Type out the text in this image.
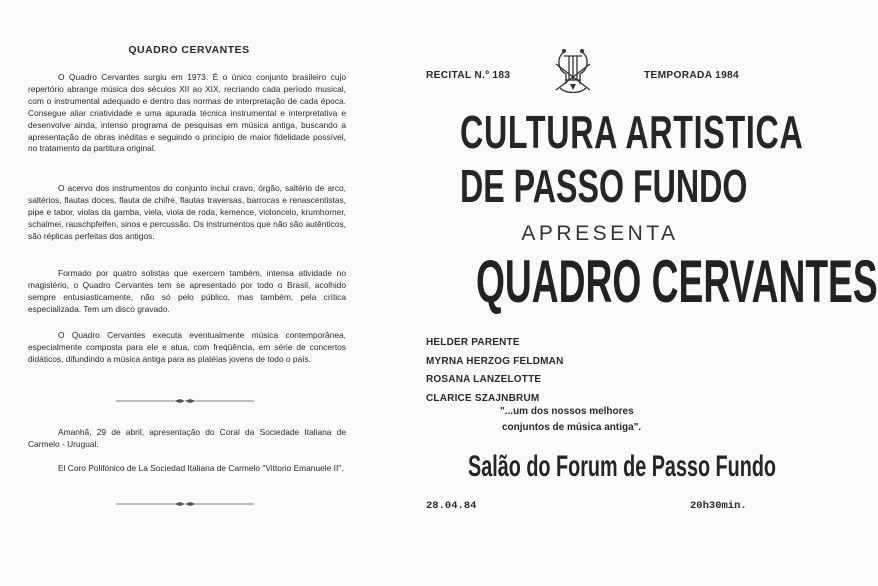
QUADRO CERVANTES

O Quadro Cervantes surgiu em 1973. É o único conjunto brasileiro cujo repertório abrange música dos séculos XII ao XIX, recriando cada período musical, com o instrumental adequado e dentro das normas de interpretação de cada época. Consegue aliar criatividade e uma apurada técnica instrumental e interpretativa e desenvolve ainda, intenso programa de pesquisas em música antiga, buscando a apresentação de obras inéditas e seguindo o princípio de maior fidelidade possível, no tratamento da partitura original.

O acervo dos instrumentos do conjunto inclui cravo, órgão, saltério de arco, saltérios, flautas doces, flauta de chifre, flautas traversas, barrocas e renascentistas, pipe e tabor, violas da gamba, viela, viola de roda, kemence, violoncelo, krumhorner, schalmei, rauschpfeifen, sinos e percussão. Os instrumentos que não são autênticos, são réplicas perfeitas dos antigos.

Formado por quatro solistas que exercem também, intensa atividade no magistério, o Quadro Cervantes tem se apresentado por todo o Brasil, acolhido sempre entusiasticamente, não só pelo público, mas também, pela crítica especializada. Tem um disco gravado.

O Quadro Cervantes executa eventualmente música contemporânea, especialmente composta para ele e atua, com freqüência, em série de concertos didáticos, difundindo a música antiga para as platéias jovens de todo o país.

Amanhã, 29 de abril, apresentação do Coral da Sociedade Italiana de Carmelo - Urugual.

El Coro Polifónico de La Sociedad Italiana de Carmelo "Vittorio Emanuele II".

RECITAL N.º 183	TEMPORADA 1984
CULTURA ARTISTICA
DE PASSO FUNDO
APRESENTA
QUADRO CERVANTES
HELDER PARENTE
MYRNA HERZOG FELDMAN
ROSANA LANZELOTTE
CLARICE SZAJNBRUM
"...um dos nossos melhores
conjuntos de música antiga".
Salão do Forum de Passo Fundo
28.04.84	20h30min.
